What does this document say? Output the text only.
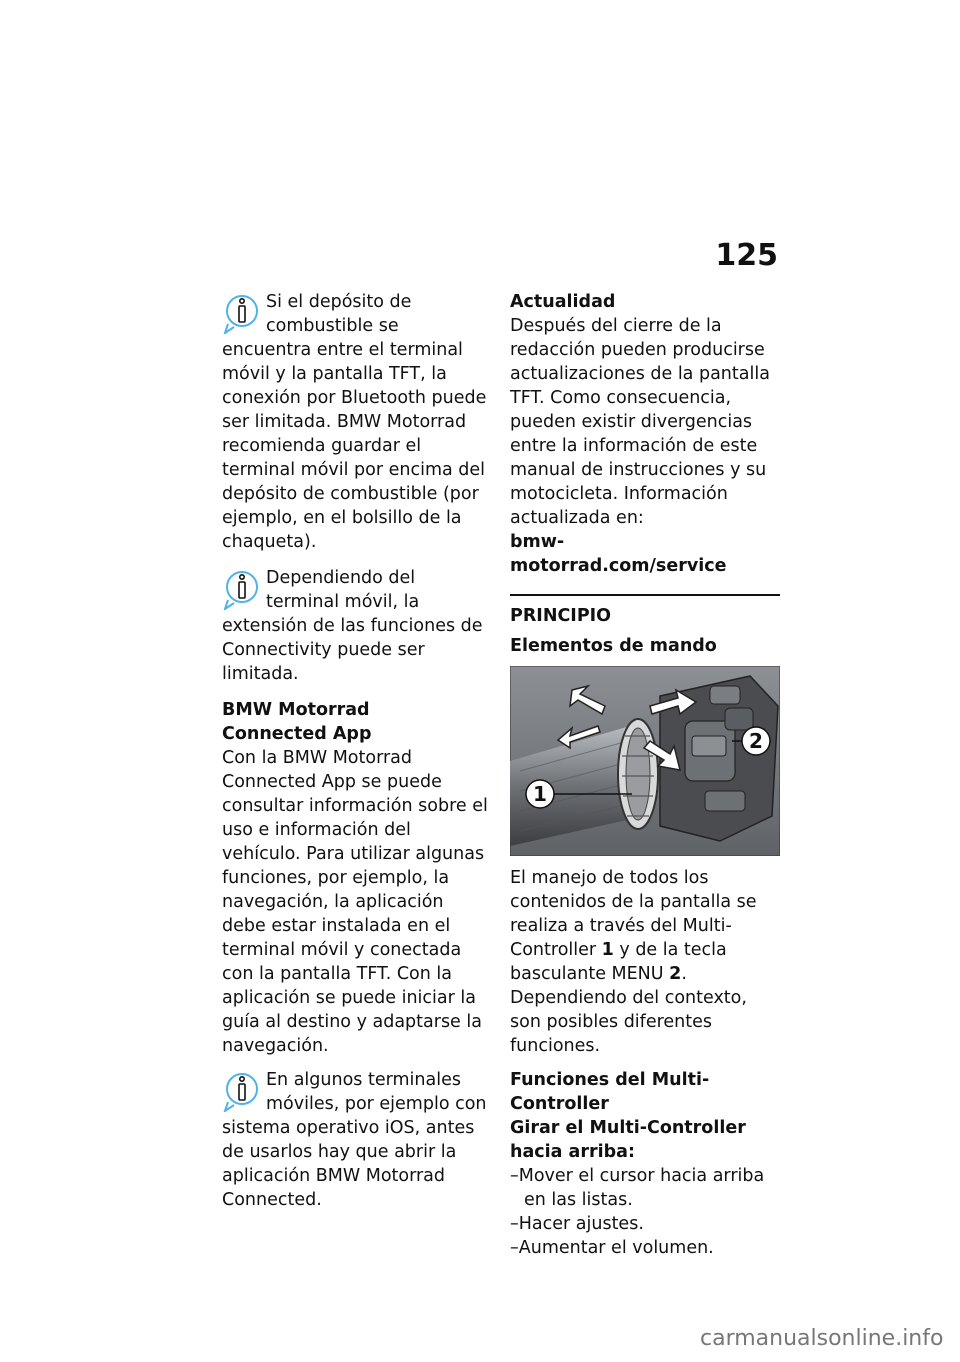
125

Si el depósito de combustible se encuentra entre el terminal móvil y la pantalla TFT, la conexión por Bluetooth puede ser limitada. BMW Motorrad recomienda guardar el terminal móvil por encima del depósito de combustible (por ejemplo, en el bolsillo de la chaqueta).

Dependiendo del terminal móvil, la extensión de las funciones de Connectivity puede ser limitada.

BMW Motorrad
Connected App

Con la BMW Motorrad Connected App se puede consultar información sobre el uso e información del vehículo. Para utilizar algunas funciones, por ejemplo, la navegación, la aplicación debe estar instalada en el terminal móvil y conectada con la pantalla TFT. Con la aplicación se puede iniciar la guía al destino y adaptarse la navegación.

En algunos terminales móviles, por ejemplo con sistema operativo iOS, antes de usarlos hay que abrir la aplicación BMW Motorrad Connected.

Actualidad

Después del cierre de la redacción pueden producirse actualizaciones de la pantalla TFT. Como consecuencia, pueden existir divergencias entre la información de este manual de instrucciones y su motocicleta. Información actualizada en:

bmw-motorrad.com/service
PRINCIPIO
Elementos de mando
1
2

El manejo de todos los contenidos de la pantalla se realiza a través del Multi-Controller 1 y de la tecla basculante MENU 2. Dependiendo del contexto, son posibles diferentes funciones.

Funciones del Multi-Controller
Girar el Multi-Controller hacia arriba:
– Mover el cursor hacia arriba en las listas.
– Hacer ajustes.
– Aumentar el volumen.
carmanualsonline.info
